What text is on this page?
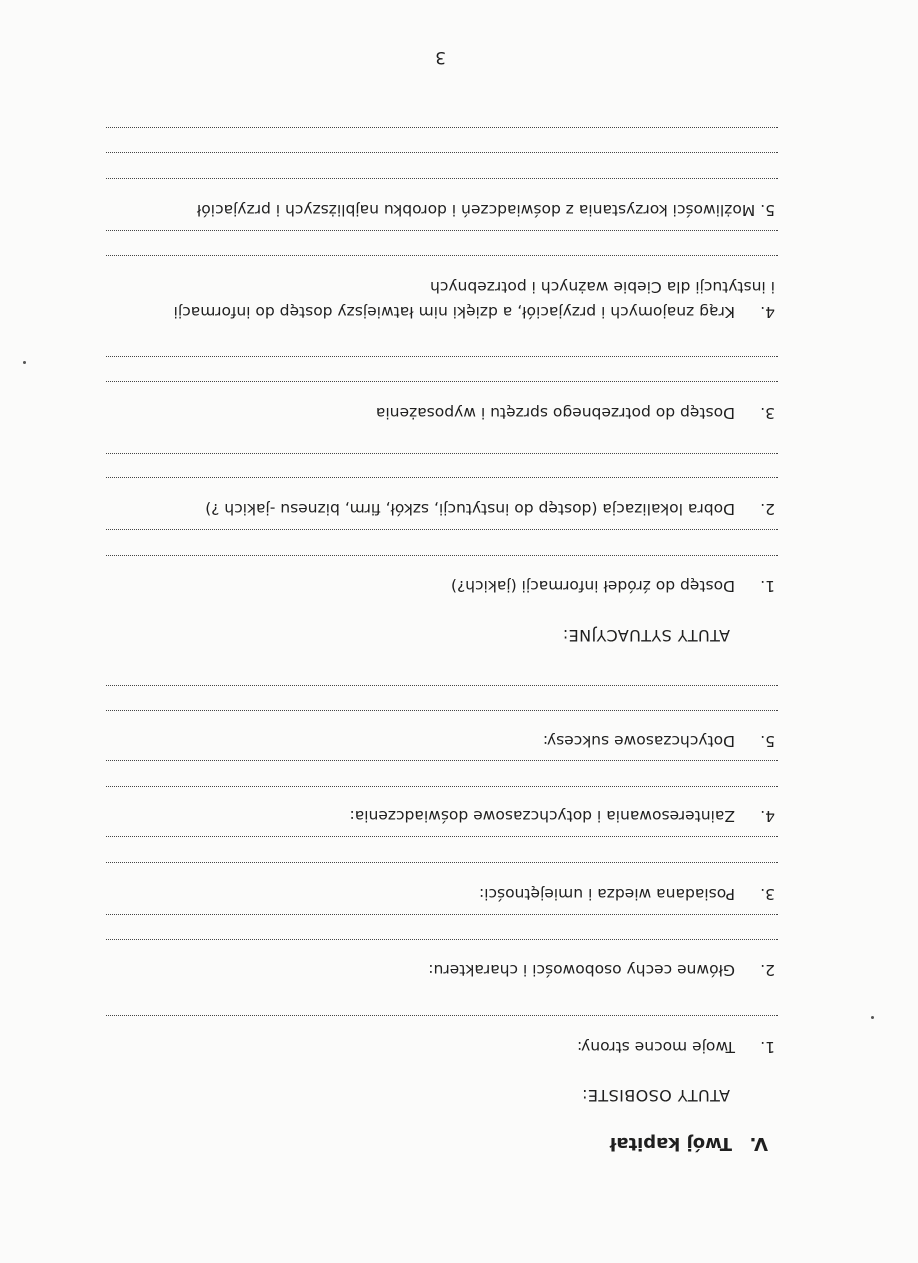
3
V.Twój kapitał
ATUTY OSOBISTE:
1.
Twoje mocne strony:
2.
Główne cechy osobowości i charakteru:
3.
Posiadana wiedza i umiejętności:
4.
Zainteresowania i dotychczasowe doświadczenia:
5.
Dotychczasowe sukcesy:
ATUTY SYTUACYJNE:
1.
Dostęp do źródeł informacji (jakich?)
2.
Dobra lokalizacja (dostęp do instytucji, szkół, firm, biznesu -jakich ?)
3.
Dostęp do potrzebnego sprzętu i wyposażenia
4.
Krąg znajomych i przyjaciół, a dzięki nim łatwiejszy dostęp do informacji
i instytucji dla Ciebie ważnych i potrzebnych
5. Możliwości korzystania z doświadczeń i dorobku najbliższych i przyjaciół
